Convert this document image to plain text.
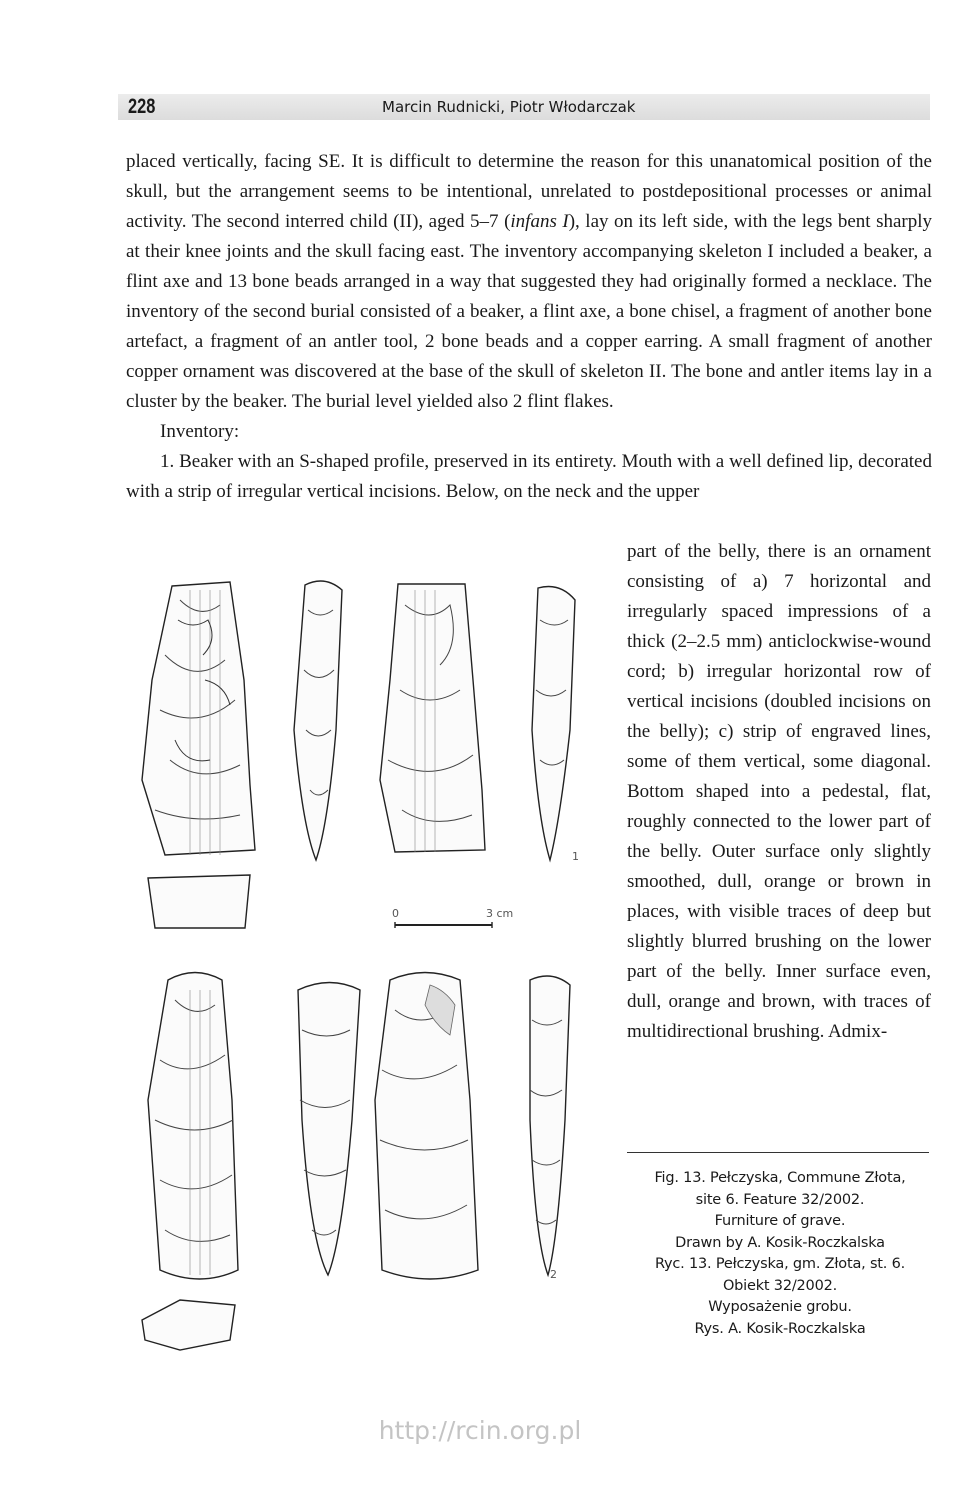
228	Marcin Rudnicki, Piotr Włodarczak

placed vertically, facing SE. It is difficult to determine the reason for this unanatomical position of the skull, but the arrangement seems to be intentional, unrelated to postdepositional processes or animal activity. The second interred child (II), aged 5–7 (infans I), lay on its left side, with the legs bent sharply at their knee joints and the skull facing east. The inventory accompanying skeleton I included a beaker, a flint axe and 13 bone beads arranged in a way that suggested they had originally formed a necklace. The inventory of the second burial consisted of a beaker, a flint axe, a bone chisel, a fragment of another bone artefact, a fragment of an antler tool, 2 bone beads and a copper earring. A small fragment of another copper ornament was discovered at the base of the skull of skeleton II. The bone and antler items lay in a cluster by the beaker. The burial level yielded also 2 flint flakes.

Inventory:

1. Beaker with an S-shaped profile, preserved in its entirety. Mouth with a well defined lip, decorated with a strip of irregular vertical incisions. Below, on the neck and the upper

part of the belly, there is an ornament consisting of a) 7 horizontal and irregularly spaced impressions of a thick (2–2.5 mm) anticlockwise-wound cord; b) irregular horizontal row of vertical incisions (doubled incisions on the belly); c) strip of engraved lines, some of them vertical, some diagonal. Bottom shaped into a pedestal, flat, roughly connected to the lower part of the belly. Outer surface only slightly smoothed, dull, orange or brown in places, with visible traces of deep but slightly blurred brushing on the lower part of the belly. Inner surface even, dull, orange and brown, with traces of multidirectional brushing. Admix-
1
0	3 cm
2
Fig. 13. Pełczyska, Commune Złota,
site 6. Feature 32/2002.
Furniture of grave.
Drawn by A. Kosik-Roczkalska
Ryc. 13. Pełczyska, gm. Złota, st. 6.
Obiekt 32/2002.
Wyposażenie grobu.
Rys. A. Kosik-Roczkalska
http://rcin.org.pl
